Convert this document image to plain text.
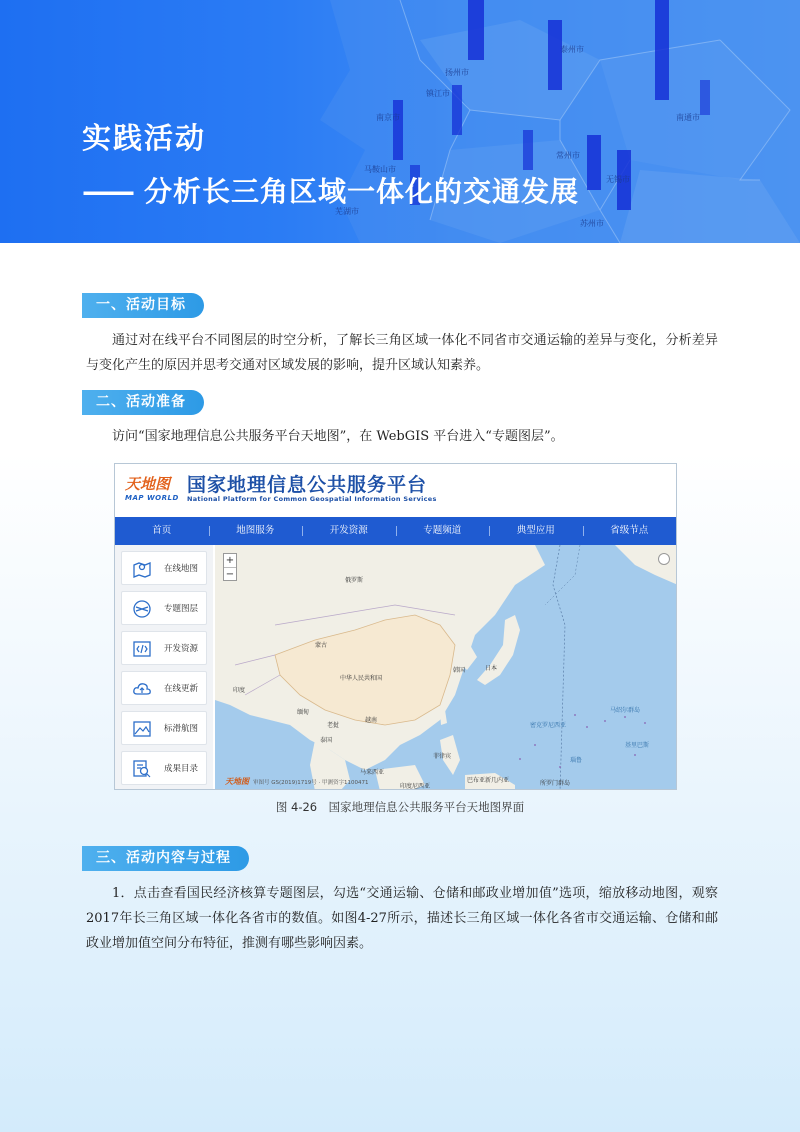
扬州市
镇江市
南京市
泰州市
南通市
常州市
无锡市
苏州市
马鞍山市
芜湖市
实践活动
—— 分析长三角区域一体化的交通发展
一、活动目标

通过对在线平台不同图层的时空分析，了解长三角区域一体化不同省市交通运输的差异与变化，分析差异与变化产生的原因并思考交通对区域发展的影响，提升区域认知素养。

二、活动准备

访问“国家地理信息公共服务平台天地图”，在 WebGIS 平台进入“专题图层”。

天地图
MAP WORLD
国家地理信息公共服务平台
National Platform for Common Geospatial Information Services
首页	地图服务	开发资源	专题频道	典型应用	省级节点
在线地图
专题图层
开发资源
在线更新
标滑航图
成果目录
+
−
俄罗斯
蒙古
中华人民共和国
韩国	日本
印度
缅甸
老挝
泰国
越南
菲律宾
马来西亚
密克罗尼西亚
马绍尔群岛
瑙鲁
基里巴斯
巴布亚新几内亚	所罗门群岛
印度尼西亚
天地图 审图号 GS(2019)1719号 · 甲测资字1100471
图 4-26　国家地理信息公共服务平台天地图界面
三、活动内容与过程

1．点击查看国民经济核算专题图层，勾选“交通运输、仓储和邮政业增加值”选项，缩放移动地图，观察2017年长三角区域一体化各省市的数值。如图4-27所示，描述长三角区域一体化各省市交通运输、仓储和邮政业增加值空间分布特征，推测有哪些影响因素。
